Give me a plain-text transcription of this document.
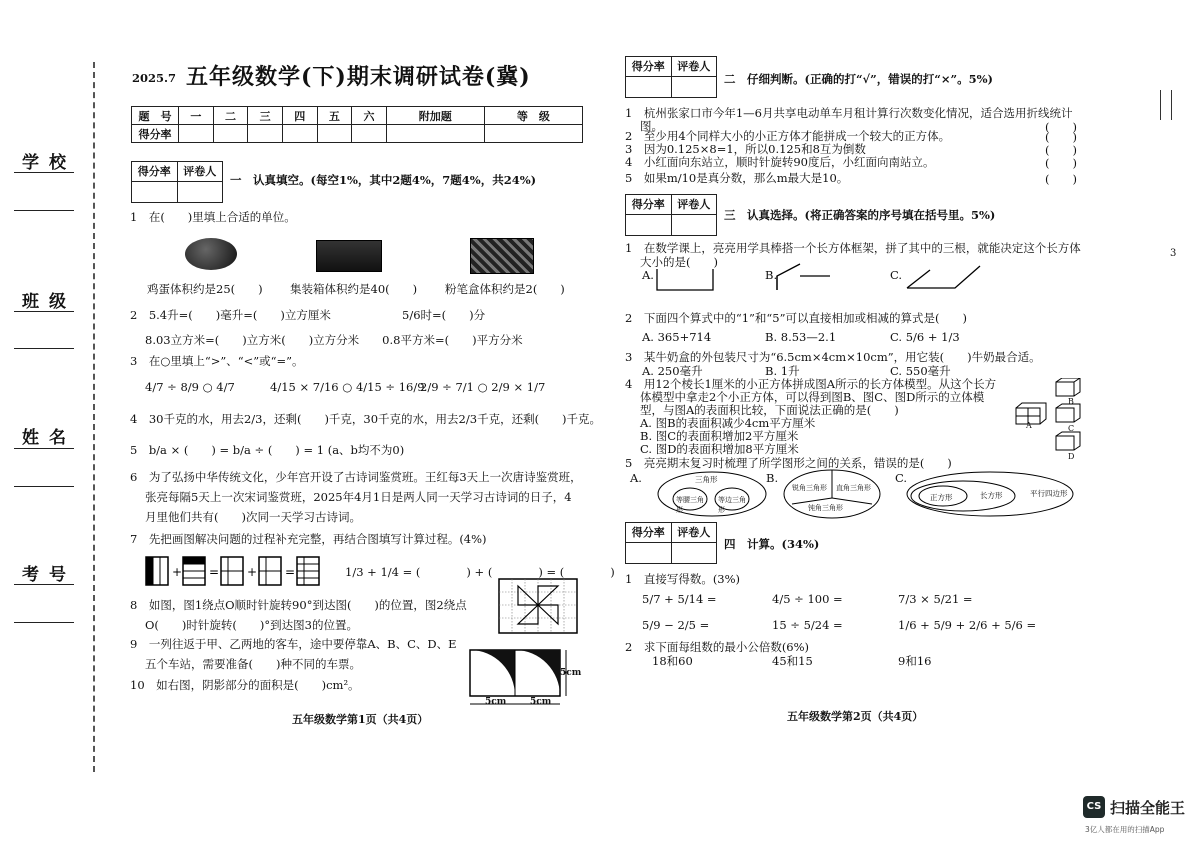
学校
班级
姓名
考号
2025.7 五年级数学(下)期末调研试卷(冀)
题　号	一	二	三	四	五	六	附加题	等　级
得分率								
得分率	评卷人
一　认真填空。(每空1%，其中2题4%，7题4%，共24%)
1　在(　　)里填上合适的单位。
鸡蛋体积约是25(　　) 集装箱体积约是40(　　) 粉笔盒体积约是2(　　)
2　5.4升=(　　)毫升=(　　)立方厘米	5/6时=(　　)分
8.03立方米=(　　)立方米(　　)立方分米　　0.8平方米=(　　)平方分米
3　在○里填上“>”、“<”或“=”。
4/7 ÷ 8/9 ○ 4/7	4/15 × 7/16 ○ 4/15 ÷ 16/9
2/9 ÷ 7/1 ○ 2/9 × 1/7
4　30千克的水，用去2/3，还剩(　　)千克，30千克的水，用去2/3千克，还剩(　　)千克。
5　b/a × (　　) = b/a ÷ (　　) = 1 (a、b均不为0)
6　为了弘扬中华传统文化，少年宫开设了古诗词鉴赏班。王红每3天上一次唐诗鉴赏班，
张亮每隔5天上一次宋词鉴赏班，2025年4月1日是两人同一天学习古诗词的日子，4
月里他们共有(　　)次同一天学习古诗词。
7　先把画图解决问题的过程补充完整，再结合图填写计算过程。(4%)
+ = + =	1/3 + 1/4 = (　　　　) + (　　　　) = (　　　　)
8　如图，图1绕点O顺时针旋转90°到达图(　　)的位置，图2绕点
O(　　)时针旋转(　　)°到达图3的位置。
9　一列往返于甲、乙两地的客车，途中要停靠A、B、C、D、E
五个车站，需要准备(　　)种不同的车票。
10　如右图，阴影部分的面积是(　　)cm²。
5cm
5cm	5cm
五年级数学第1页（共4页）
得分率	评卷人
二　仔细判断。(正确的打“√”，错误的打“×”。5%)
1　杭州张家口市今年1—6月共享电动单车月租计算行次数变化情况，适合选用折线统计
图。
2　至少用4个同样大小的小正方体才能拼成一个较大的正方体。
3　因为0.125×8=1，所以0.125和8互为倒数
4　小红面向东站立，顺时针旋转90度后，小红面向南站立。
5　如果m/10是真分数，那么m最大是10。
(　　)
(　　)
(　　)
(　　)
(　　)
得分率	评卷人
三　认真选择。(将正确答案的序号填在括号里。5%)
1　在数学课上，亮亮用学具棒搭一个长方体框架，拼了其中的三根，就能决定这个长方体
大小的是(　　)
A.	B.	C.
2　下面四个算式中的“1”和“5”可以直接相加或相减的算式是(　　)
A. 365+714	B. 8.53—2.1	C. 5/6 + 1/3
3　某牛奶盒的外包装尺寸为“6.5cm×4cm×10cm”，用它装(　　)牛奶最合适。
A. 250毫升	B. 1升	C. 550毫升
4　用12个棱长1厘米的小正方体拼成图A所示的长方体模型。从这个长方
体模型中拿走2个小正方体，可以得到图B、图C、图D所示的立体模
型，与图A的表面积比较，下面说法正确的是(　　)
A. 图B的表面积减少4cm平方厘米
B. 图C的表面积增加2平方厘米
C. 图D的表面积增加8平方厘米
A
B
C
D
5　亮亮期末复习时梳理了所学图形之间的关系，错误的是(　　)
A.	B.	C.
三角形
等腰三角形
等边三角形
锐角三角形 直角三角形
钝角三角形
正方形	长方形	平行四边形
得分率	评卷人
四　计算。(34%)
1　直接写得数。(3%)
5/7 + 5/14 =	4/5 ÷ 100 =	7/3 × 5/21 =
5/9 − 2/5 =	15 ÷ 5/24 =	1/6 + 5/9 + 2/6 + 5/6 =
2　求下面每组数的最小公倍数(6%)
18和60	45和15	9和16
五年级数学第2页（共4页）
3
CS 扫描全能王
3亿人都在用的扫描App
